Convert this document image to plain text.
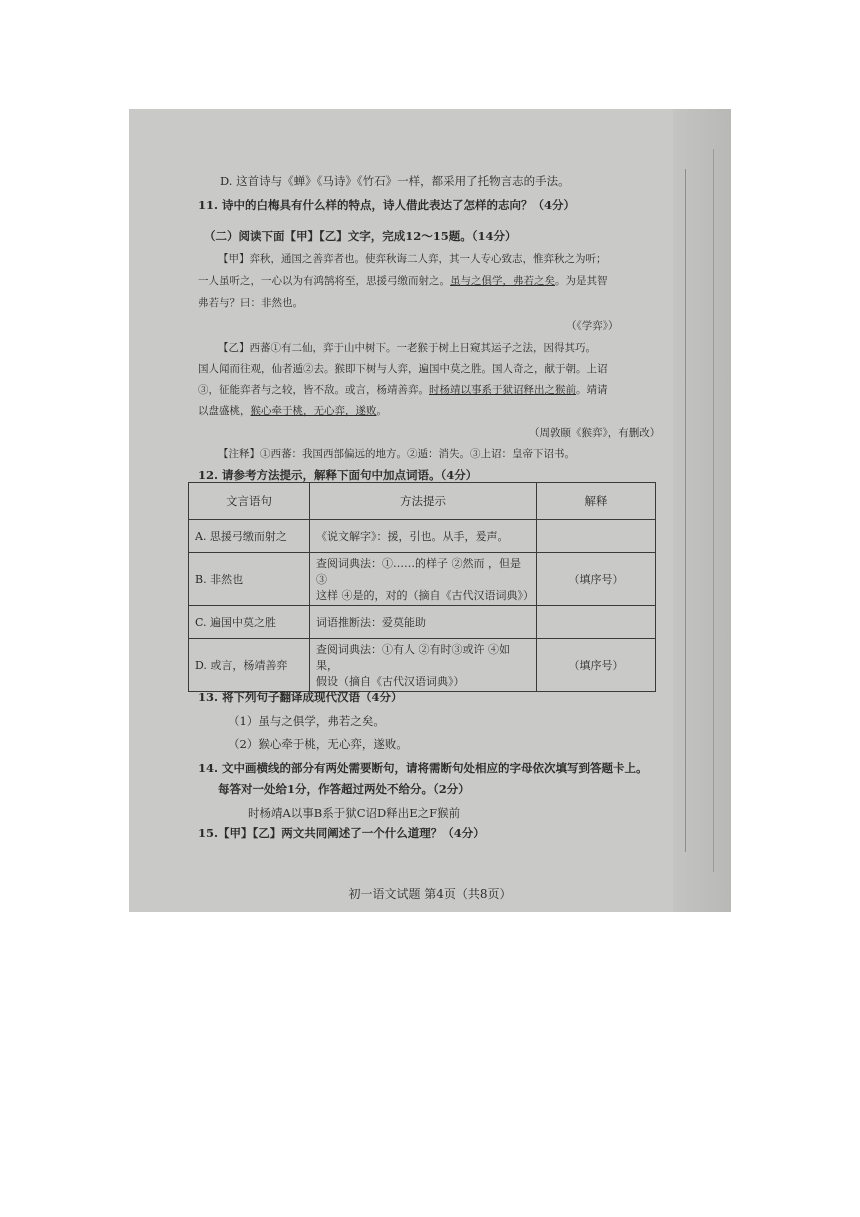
D. 这首诗与《蝉》《马诗》《竹石》一样，都采用了托物言志的手法。
11. 诗中的白梅具有什么样的特点，诗人借此表达了怎样的志向？（4分）
（二）阅读下面【甲】【乙】文字，完成12～15题。（14分）
【甲】弈秋，通国之善弈者也。使弈秋诲二人弈，其一人专心致志，惟弈秋之为听；
一人虽听之，一心以为有鸿鹄将至，思援弓缴而射之。虽与之俱学，弗若之矣。为是其智
弗若与？曰：非然也。
（《学弈》）
【乙】西蕃①有二仙，弈于山中树下。一老猴于树上日窥其运子之法，因得其巧。
国人闻而往观，仙者遁②去。猴即下树与人弈，遍国中莫之胜。国人奇之，献于朝。上诏
③，征能弈者与之较，皆不敌。或言，杨靖善弈。时杨靖以事系于狱诏释出之猴前。靖请
以盘盛桃，猴心牵于桃，无心弈，遂败。
（周敦颐《猴弈》，有删改）
【注释】①西蕃：我国西部偏远的地方。②遁：消失。③上诏：皇帝下诏书。
12. 请参考方法提示，解释下面句中加点词语。（4分）
文言语句	方法提示	解释
A. 思援弓缴而射之	《说文解字》：援，引也。从手，爰声。	
B. 非然也	查阅词典法：①……的样子 ②然而 ，但是③
这样 ④是的，对的（摘自《古代汉语词典》）	（填序号）
C. 遍国中莫之胜	词语推断法：爱莫能助	
D. 或言，杨靖善弈	查阅词典法：①有人 ②有时③或许 ④如果，
假设（摘自《古代汉语词典》）	（填序号）
13. 将下列句子翻译成现代汉语（4分）
（1）虽与之俱学，弗若之矣。
（2）猴心牵于桃，无心弈，遂败。
14. 文中画横线的部分有两处需要断句，请将需断句处相应的字母依次填写到答题卡上。
每答对一处给1分，作答超过两处不给分。（2分）
时杨靖A以事B系于狱C诏D释出E之F猴前
15.【甲】【乙】两文共同阐述了一个什么道理？（4分）
初一语文试题 第4页（共8页）
